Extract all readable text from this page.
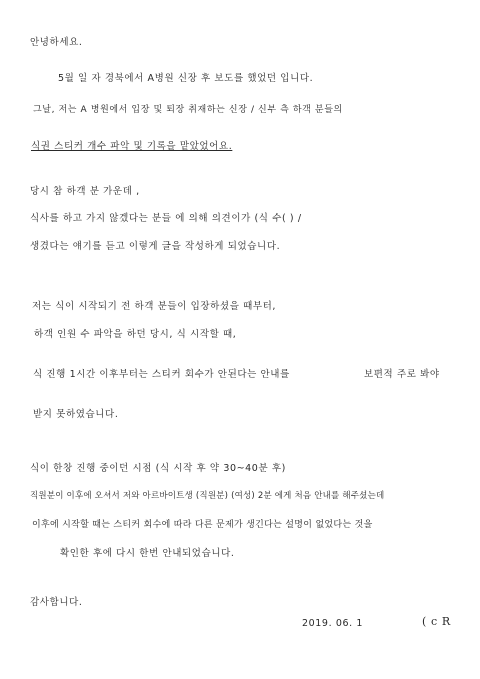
안녕하세요.

5월 일 자 경북에서 A병원 신장 후 보도를 했었던 입니다.

그날, 저는 A 병원에서 입장 및 퇴장 취재하는 신장 / 신부 측 하객 분들의

식권 스티커 개수 파악 및 기록을 맡았었어요.

당시 참 하객 분 가운데 ,

식사를 하고 가지 않겠다는 분들 에 의해 의견이가 (식 수( ) /

생겼다는 얘기를 듣고 이렇게 글을 작성하게 되었습니다.

저는 식이 시작되기 전 하객 분들이 입장하셨을 때부터,

하객 인원 수 파악을 하던 당시, 식 시작할 때,

식 진행 1시간 이후부터는 스티커 회수가 안된다는 안내를	보편적 주로 봐야

받지 못하였습니다.

식이 한창 진행 중이던 시점 (식 시작 후 약 30~40분 후)

직원분이 이후에 오셔서 저와 아르바이트생 (직원분) (여성) 2분 에게 처음 안내를 해주셨는데

이후에 시작할 때는 스티커 회수에 따라 다른 문제가 생긴다는 설명이 없었다는 것을

확인한 후에 다시 한번 안내되었습니다.

감사합니다.

2019. 06. 1	( c R
